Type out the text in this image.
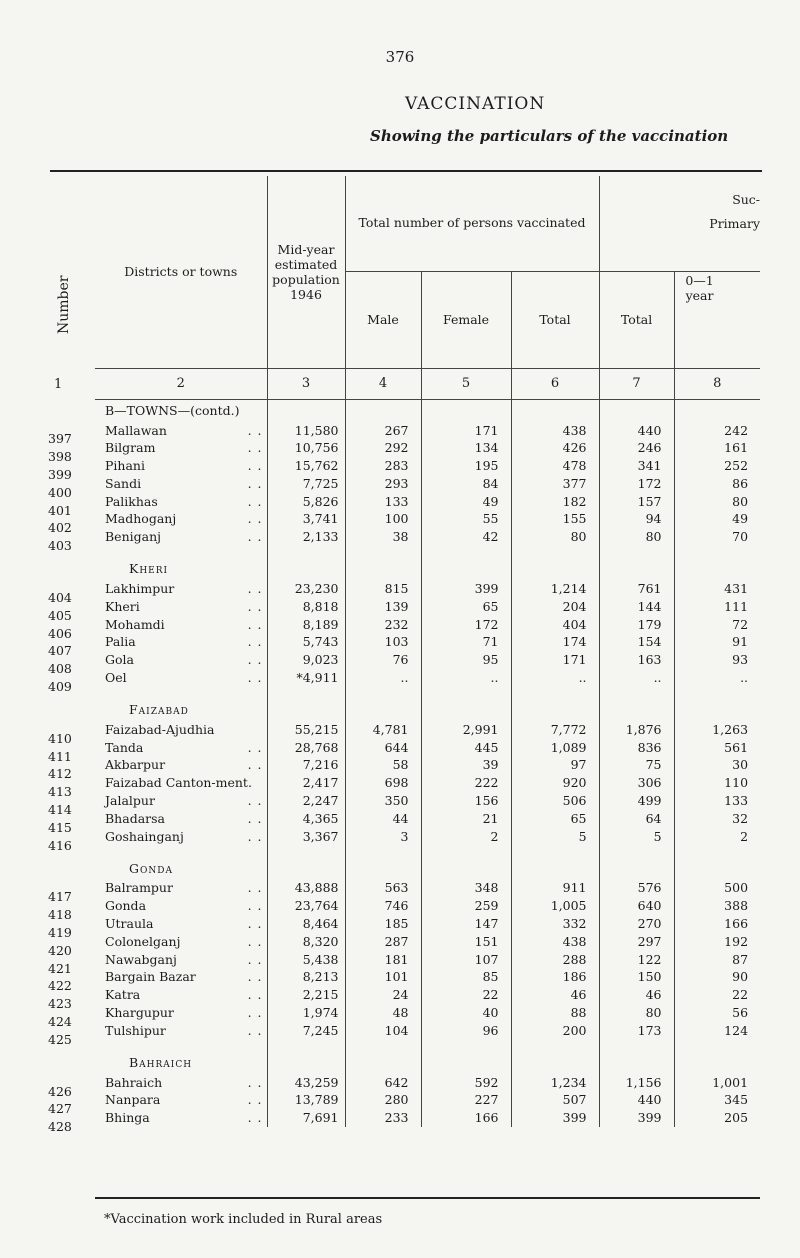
376
VACCINATION
Showing the particulars of the vaccination
Number
	Districts or towns	Mid-year estimated population 1946	Total number of persons vaccinated			Primary	
		Male	Female	Total	Total	Suc-
0—1 year

	2	3	4	5	6	7	8
	B—TOWNS—(contd.)						

397	Mallawan . .	11,580	267	171	438	440	242

398	Bilgram . .	10,756	292	134	426	246	161

399	Pihani . .	15,762	283	195	478	341	252

400	Sandi . .	7,725	293	84	377	172	86

401	Palikhas . .	5,826	133	49	182	157	80

402	Madhoganj . .	3,741	100	55	155	94	49

403	Beniganj . .	2,133	38	42	80	80	70

	Kheri						

404	Lakhimpur . .	23,230	815	399	1,214	761	431

405	Kheri . .	8,818	139	65	204	144	111

406	Mohamdi . .	8,189	232	172	404	179	72

407	Palia . .	5,743	103	71	174	154	91

408	Gola . .	9,023	76	95	171	163	93

409	Oel . .	*4,911	..	..	..	..	..

	Faizabad						

410	Faizabad-Ajudhia	55,215	4,781	2,991	7,772	1,876	1,263

411	Tanda . .	28,768	644	445	1,089	836	561

412	Akbarpur . .	7,216	58	39	97	75	30

413	Faizabad Canton-ment.	2,417	698	222	920	306	110

414	Jalalpur . .	2,247	350	156	506	499	133

415	Bhadarsa . .	4,365	44	21	65	64	32

416	Goshainganj . .	3,367	3	2	5	5	2

	Gonda						

417	Balrampur . .	43,888	563	348	911	576	500

418	Gonda . .	23,764	746	259	1,005	640	388

419	Utraula . .	8,464	185	147	332	270	166

420	Colonelganj . .	8,320	287	151	438	297	192

421	Nawabganj . .	5,438	181	107	288	122	87

422	Bargain Bazar . .	8,213	101	85	186	150	90

423	Katra . .	2,215	24	22	46	46	22

424	Khargupur . .	1,974	48	40	88	80	56

425	Tulshipur . .	7,245	104	96	200	173	124

	Bahraich						

426	Bahraich . .	43,259	642	592	1,234	1,156	1,001

427	Nanpara . .	13,789	280	227	507	440	345

428	Bhinga . .	7,691	233	166	399	399	205
1
*Vaccination work included in Rural areas
